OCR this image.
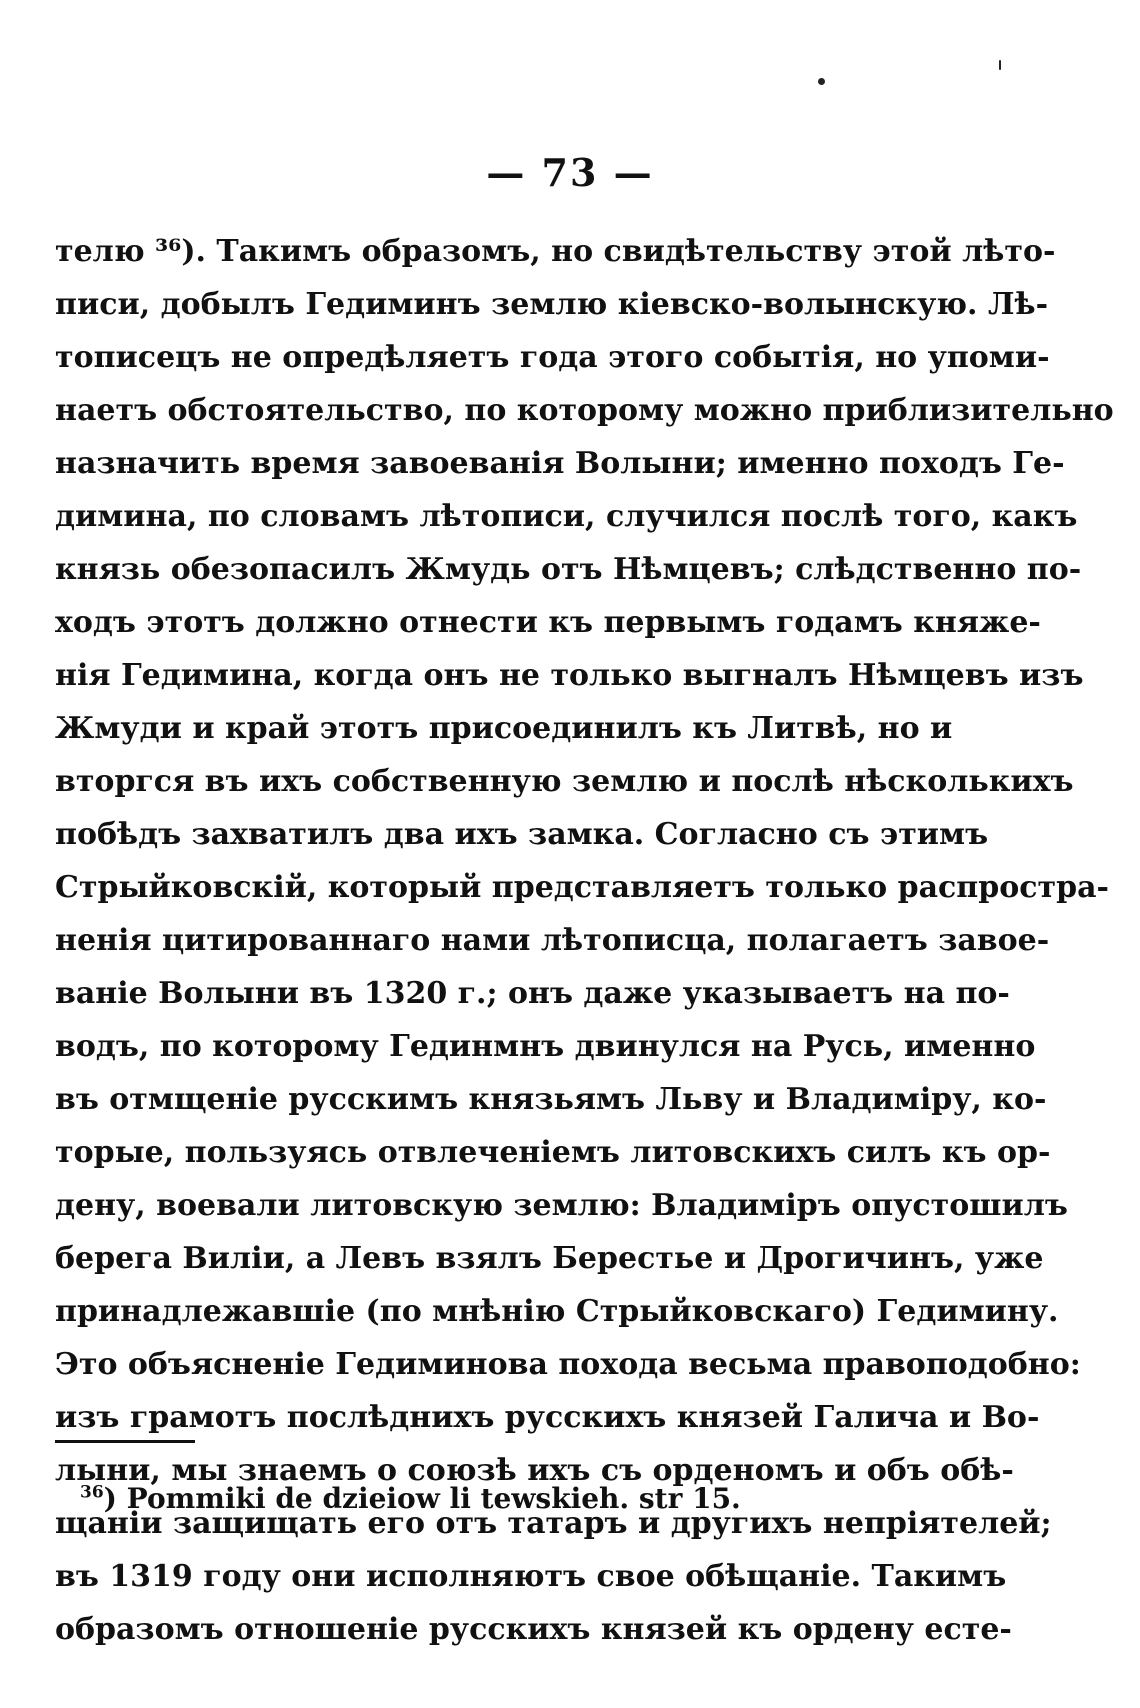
— 73 —
телю ³⁶). Такимъ образомъ, но свидѣтельству этой лѣто-
писи, добылъ Гедиминъ землю кіевско-волынскую. Лѣ-
тописецъ не опредѣляетъ года этого событія, но упоми-
наетъ обстоятельство, по которому можно приблизительно
назначить время завоеванія Волыни; именно походъ Ге-
димина, по словамъ лѣтописи, случился послѣ того, какъ
князь обезопасилъ Жмудь отъ Нѣмцевъ; слѣдственно по-
ходъ этотъ должно отнести къ первымъ годамъ княже-
нія Гедимина, когда онъ не только выгналъ Нѣмцевъ изъ
Жмуди и край этотъ присоединилъ къ Литвѣ, но и
вторгся въ ихъ собственную землю и послѣ нѣсколькихъ
побѣдъ захватилъ два ихъ замка. Согласно съ этимъ
Стрыйковскій, который представляетъ только распростра-
ненія цитированнаго нами лѣтописца, полагаетъ завое-
ваніе Волыни въ 1320 г.; онъ даже указываетъ на по-
водъ, по которому Гединмнъ двинулся на Русь, именно
въ отмщеніе русскимъ князьямъ Льву и Владиміру, ко-
торые, пользуясь отвлеченіемъ литовскихъ силъ къ ор-
дену, воевали литовскую землю: Владиміръ опустошилъ
берега Виліи, а Левъ взялъ Берестье и Дрогичинъ, уже
принадлежавшіе (по мнѣнію Стрыйковскаго) Гедимину.
Это объясненіе Гедиминова похода весьма правоподобно:
изъ грамотъ послѣднихъ русскихъ князей Галича и Во-
лыни, мы знаемъ о союзѣ ихъ съ орденомъ и объ обѣ-
щаніи защищать его отъ татаръ и другихъ непріятелей;
въ 1319 году они исполняютъ свое обѣщаніе. Такимъ
образомъ отношеніе русскихъ князей къ ордену есте-
$^{36}$) Pommiki de dzieiow li tewskieh. str 15.
